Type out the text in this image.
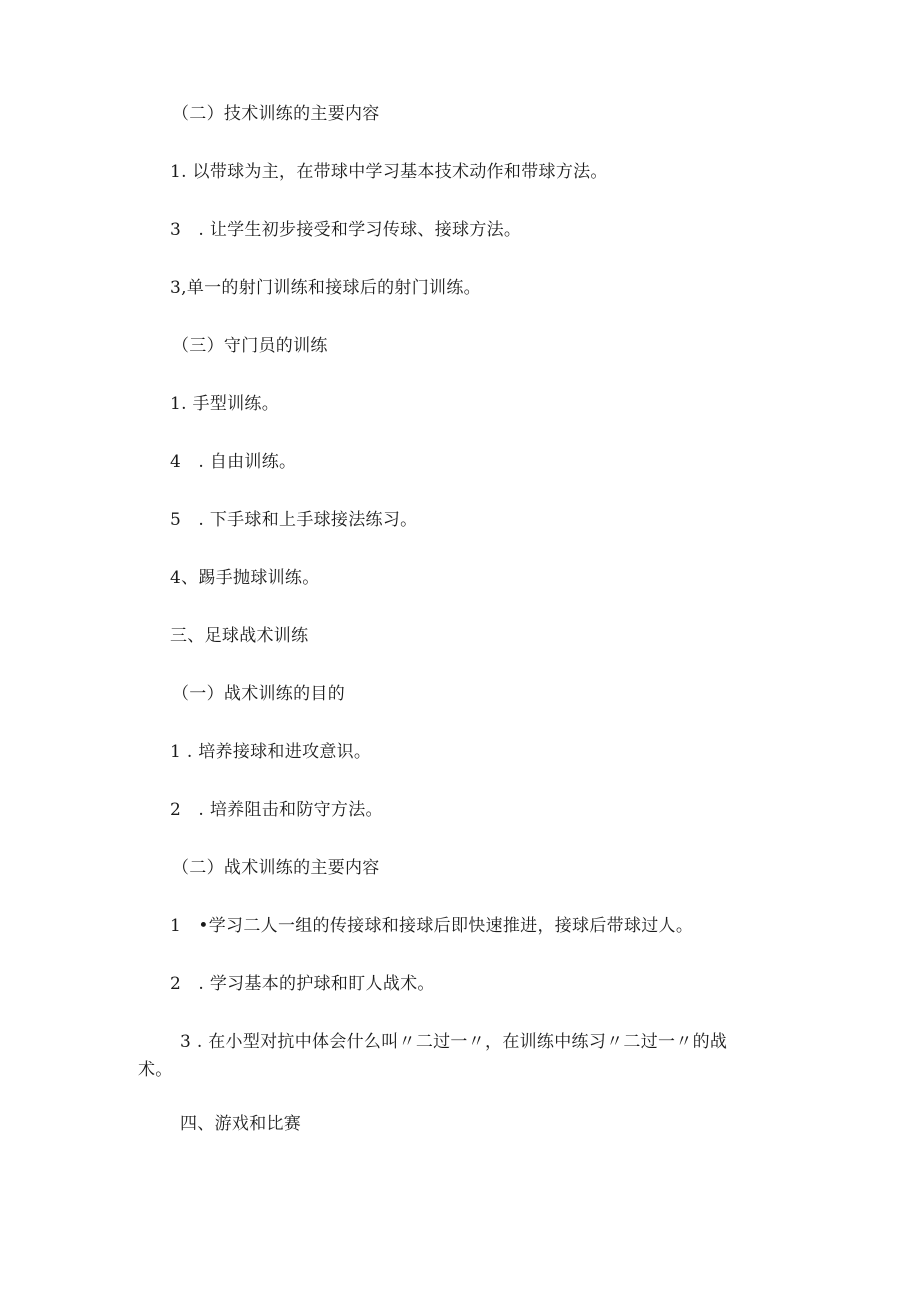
（二）技术训练的主要内容
1. 以带球为主，在带球中学习基本技术动作和带球方法。
3　. 让学生初步接受和学习传球、接球方法。
3,单一的射门训练和接球后的射门训练。
（三）守门员的训练
1. 手型训练。
4　. 自由训练。
5　. 下手球和上手球接法练习。
4、踢手抛球训练。
三、足球战术训练
（一）战术训练的目的
1 . 培养接球和进攻意识。
2　. 培养阻击和防守方法。
（二）战术训练的主要内容
1　•学习二人一组的传接球和接球后即快速推进，接球后带球过人。
2　. 学习基本的护球和盯人战术。
3 . 在小型对抗中体会什么叫〃二过一〃，在训练中练习〃二过一〃的战术。
四、游戏和比赛
